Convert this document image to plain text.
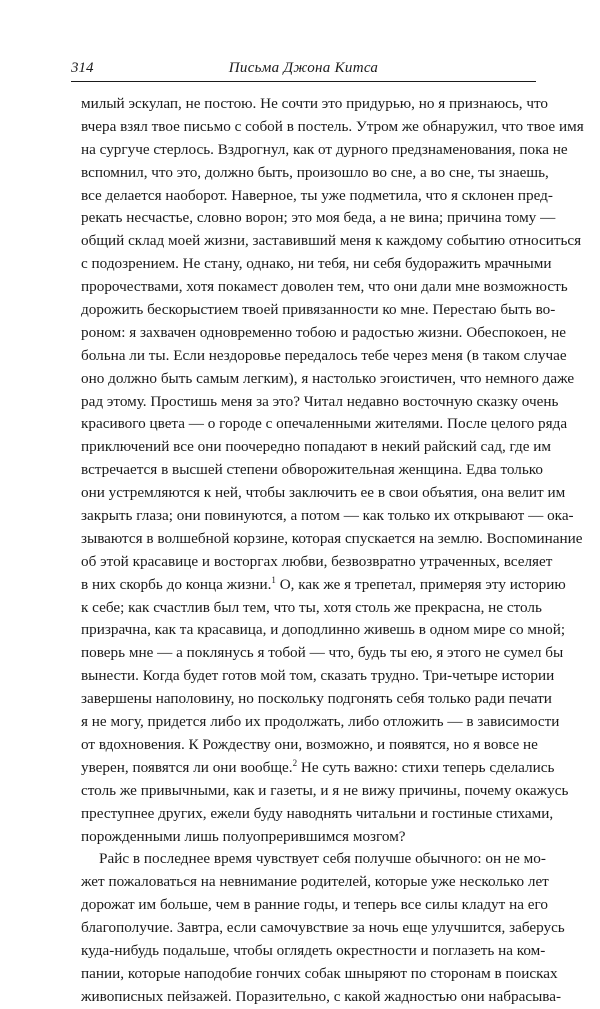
314	Письма Джона Китса
милый эскулап, не постою. Не сочти это придурью, но я признаюсь, что
вчера взял твое письмо с собой в постель. Утром же обнаружил, что твое имя
на сургуче стерлось. Вздрогнул, как от дурного предзнаменования, пока не
вспомнил, что это, должно быть, произошло во сне, а во сне, ты знаешь,
все делается наоборот. Наверное, ты уже подметила, что я склонен пред-
рекать несчастье, словно ворон; это моя беда, а не вина; причина тому —
общий склад моей жизни, заставивший меня к каждому событию относиться
с подозрением. Не стану, однако, ни тебя, ни себя будоражить мрачными
пророчествами, хотя покамест доволен тем, что они дали мне возможность
дорожить бескорыстием твоей привязанности ко мне. Перестаю быть во-
роном: я захвачен одновременно тобою и радостью жизни. Обеспокоен, не
больна ли ты. Если нездоровье передалось тебе через меня (в таком случае
оно должно быть самым легким), я настолько эгоистичен, что немного даже
рад этому. Простишь меня за это? Читал недавно восточную сказку очень
красивого цвета — о городе с опечаленными жителями. После целого ряда
приключений все они поочередно попадают в некий райский сад, где им
встречается в высшей степени обворожительная женщина. Едва только
они устремляются к ней, чтобы заключить ее в свои объятия, она велит им
закрыть глаза; они повинуются, а потом — как только их открывают — ока-
зываются в волшебной корзине, которая спускается на землю. Воспоминание
об этой красавице и восторгах любви, безвозвратно утраченных, вселяет
в них скорбь до конца жизни.$^1$ О, как же я трепетал, примеряя эту историю
к себе; как счастлив был тем, что ты, хотя столь же прекрасна, не столь
призрачна, как та красавица, и доподлинно живешь в одном мире со мной;
поверь мне — а поклянусь я тобой — что, будь ты ею, я этого не сумел бы
вынести. Когда будет готов мой том, сказать трудно. Три-четыре истории
завершены наполовину, но поскольку подгонять себя только ради печати
я не могу, придется либо их продолжать, либо отложить — в зависимости
от вдохновения. К Рождеству они, возможно, и появятся, но я вовсе не
уверен, появятся ли они вообще.$^2$ Не суть важно: стихи теперь сделались
столь же привычными, как и газеты, и я не вижу причины, почему окажусь
преступнее других, ежели буду наводнять читальни и гостиные стихами,
порожденными лишь полуопрерившимся мозгом?
Райс в последнее время чувствует себя получше обычного: он не мо-
жет пожаловаться на невнимание родителей, которые уже несколько лет
дорожат им больше, чем в ранние годы, и теперь все силы кладут на его
благополучие. Завтра, если самочувствие за ночь еще улучшится, заберусь
куда-нибудь подальше, чтобы оглядеть окрестности и поглазеть на ком-
пании, которые наподобие гончих собак шныряют по сторонам в поисках
живописных пейзажей. Поразительно, с какой жадностью они набрасыва-
